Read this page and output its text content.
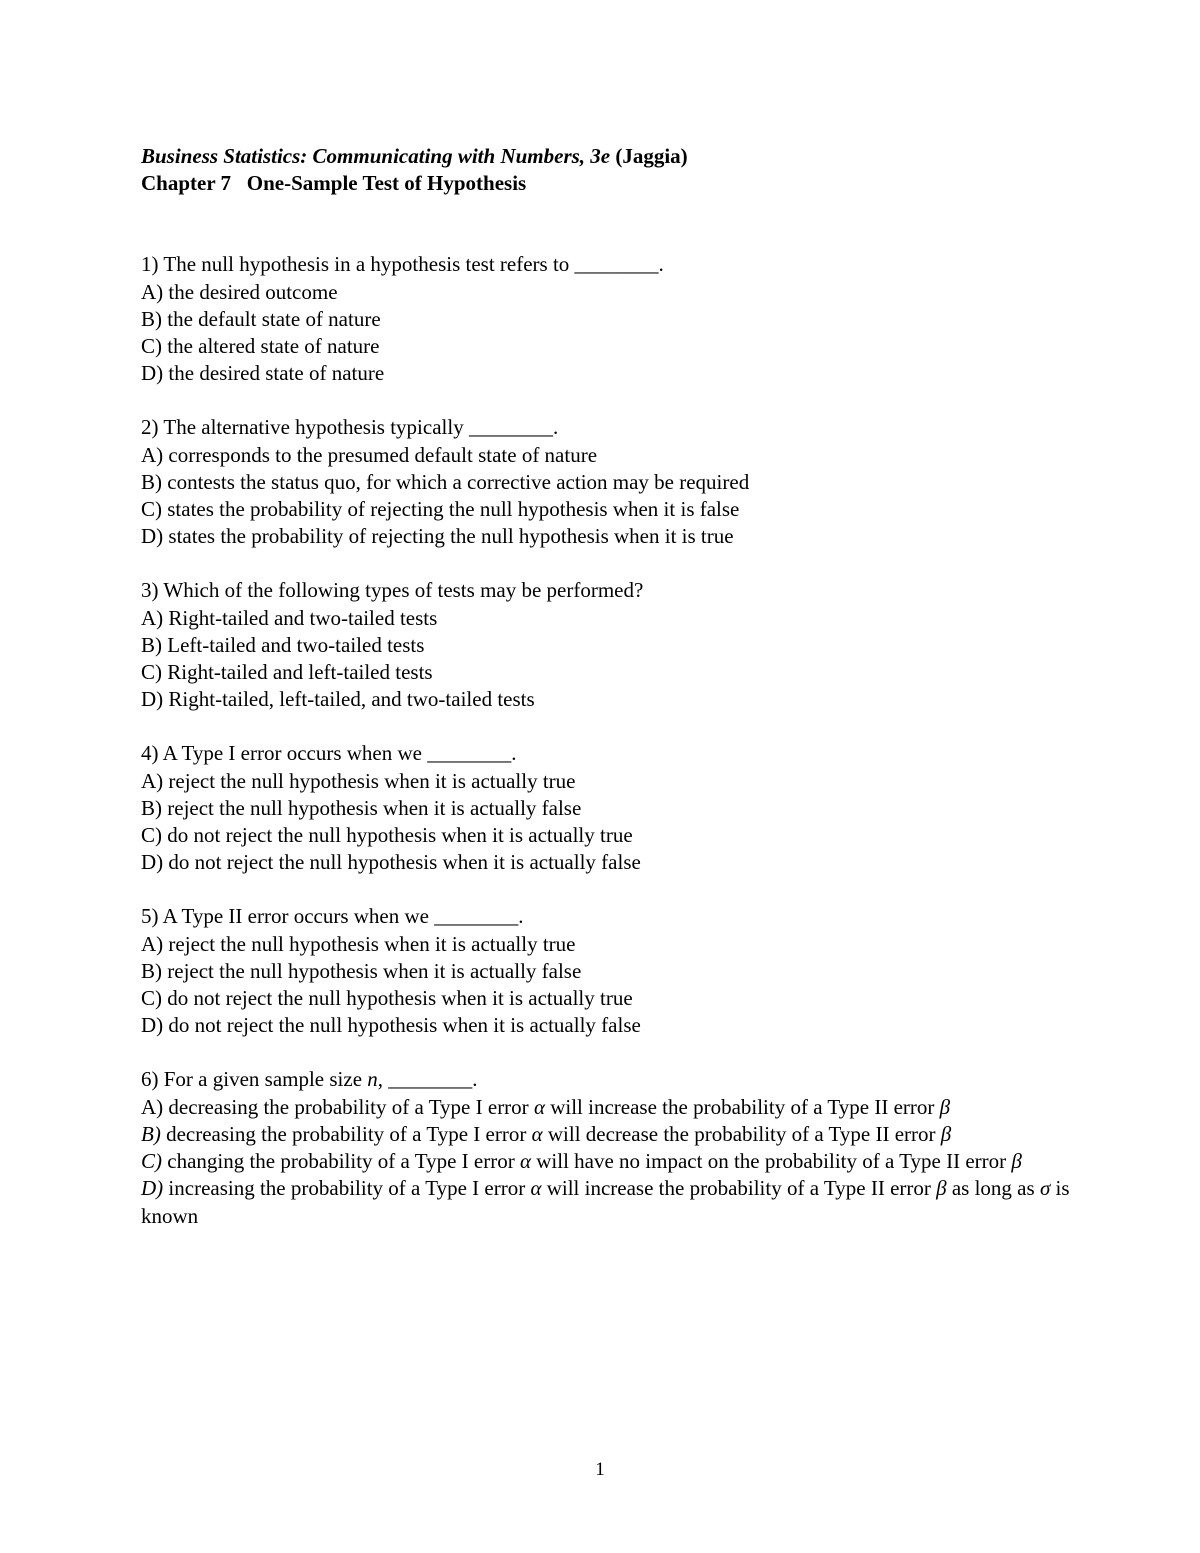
Business Statistics: Communicating with Numbers, 3e (Jaggia)
Chapter 7 One-Sample Test of Hypothesis
1) The null hypothesis in a hypothesis test refers to ________.
A) the desired outcome
B) the default state of nature
C) the altered state of nature
D) the desired state of nature
2) The alternative hypothesis typically ________.
A) corresponds to the presumed default state of nature
B) contests the status quo, for which a corrective action may be required
C) states the probability of rejecting the null hypothesis when it is false
D) states the probability of rejecting the null hypothesis when it is true
3) Which of the following types of tests may be performed?
A) Right-tailed and two-tailed tests
B) Left-tailed and two-tailed tests
C) Right-tailed and left-tailed tests
D) Right-tailed, left-tailed, and two-tailed tests
4) A Type I error occurs when we ________.
A) reject the null hypothesis when it is actually true
B) reject the null hypothesis when it is actually false
C) do not reject the null hypothesis when it is actually true
D) do not reject the null hypothesis when it is actually false
5) A Type II error occurs when we ________.
A) reject the null hypothesis when it is actually true
B) reject the null hypothesis when it is actually false
C) do not reject the null hypothesis when it is actually true
D) do not reject the null hypothesis when it is actually false
6) For a given sample size n, ________.
A) decreasing the probability of a Type I error α will increase the probability of a Type II error β
B) decreasing the probability of a Type I error α will decrease the probability of a Type II error β
C) changing the probability of a Type I error α will have no impact on the probability of a Type II error β
D) increasing the probability of a Type I error α will increase the probability of a Type II error β as long as σ is known
1
